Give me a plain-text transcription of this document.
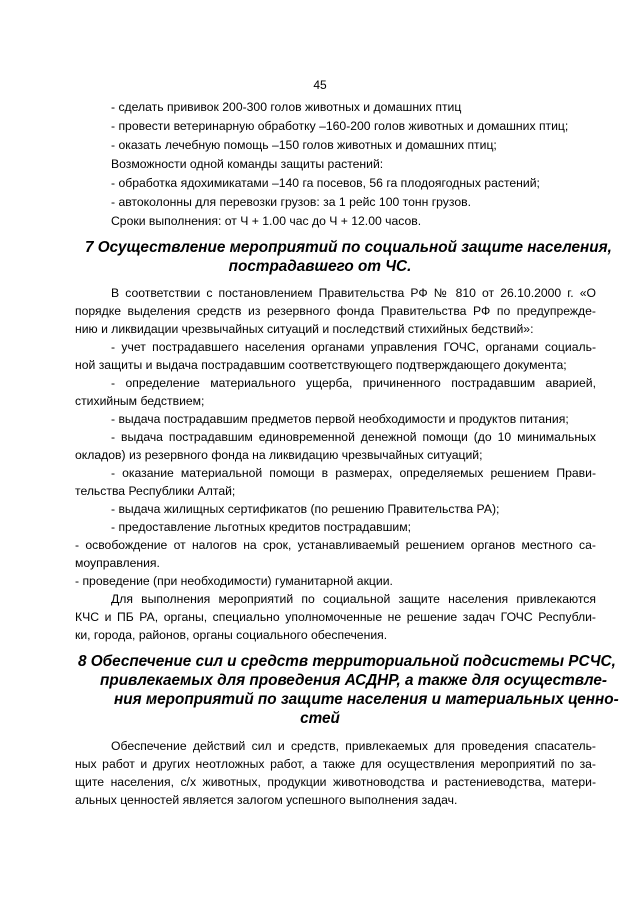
45
- сделать прививок 200-300 голов животных и домашних птиц
- провести ветеринарную обработку –160-200 голов животных и домашних птиц;
- оказать лечебную помощь –150 голов животных и домашних птиц;
Возможности одной команды защиты растений:
- обработка ядохимикатами –140 га посевов, 56 га плодоягодных растений;
- автоколонны для перевозки грузов: за 1 рейс 100 тонн грузов.
Сроки выполнения: от Ч + 1.00 час до Ч + 12.00 часов.
7 Осуществление мероприятий по социальной защите населения,
пострадавшего от ЧС.
В соответствии с постановлением Правительства РФ № 810 от 26.10.2000 г. «О
порядке выделения средств из резервного фонда Правительства РФ по предупрежде-
нию и ликвидации чрезвычайных ситуаций и последствий стихийных бедствий»:
- учет пострадавшего населения органами управления ГОЧС, органами социаль-
ной защиты и выдача пострадавшим соответствующего подтверждающего документа;
- определение материального ущерба, причиненного пострадавшим аварией,
стихийным бедствием;
- выдача пострадавшим предметов первой необходимости и продуктов питания;
- выдача пострадавшим единовременной денежной помощи (до 10 минимальных
окладов) из резервного фонда на ликвидацию чрезвычайных ситуаций;
- оказание материальной помощи в размерах, определяемых решением Прави-
тельства Республики Алтай;
- выдача жилищных сертификатов (по решению Правительства РА);
- предоставление льготных кредитов пострадавшим;
- освобождение от налогов на срок, устанавливаемый решением органов местного са-
моуправления.
- проведение (при необходимости) гуманитарной акции.
Для выполнения мероприятий по социальной защите населения привлекаются
КЧС и ПБ РА, органы, специально уполномоченные не решение задач ГОЧС Республи-
ки, города, районов, органы социального обеспечения.
8 Обеспечение сил и средств территориальной подсистемы РСЧС,
привлекаемых для проведения АСДНР, а также для осуществле-
ния мероприятий по защите населения и материальных ценно-
стей
Обеспечение действий сил и средств, привлекаемых для проведения спасатель-
ных работ и других неотложных работ, а также для осуществления мероприятий по за-
щите населения, с/х животных, продукции животноводства и растениеводства, матери-
альных ценностей является залогом успешного выполнения задач.
